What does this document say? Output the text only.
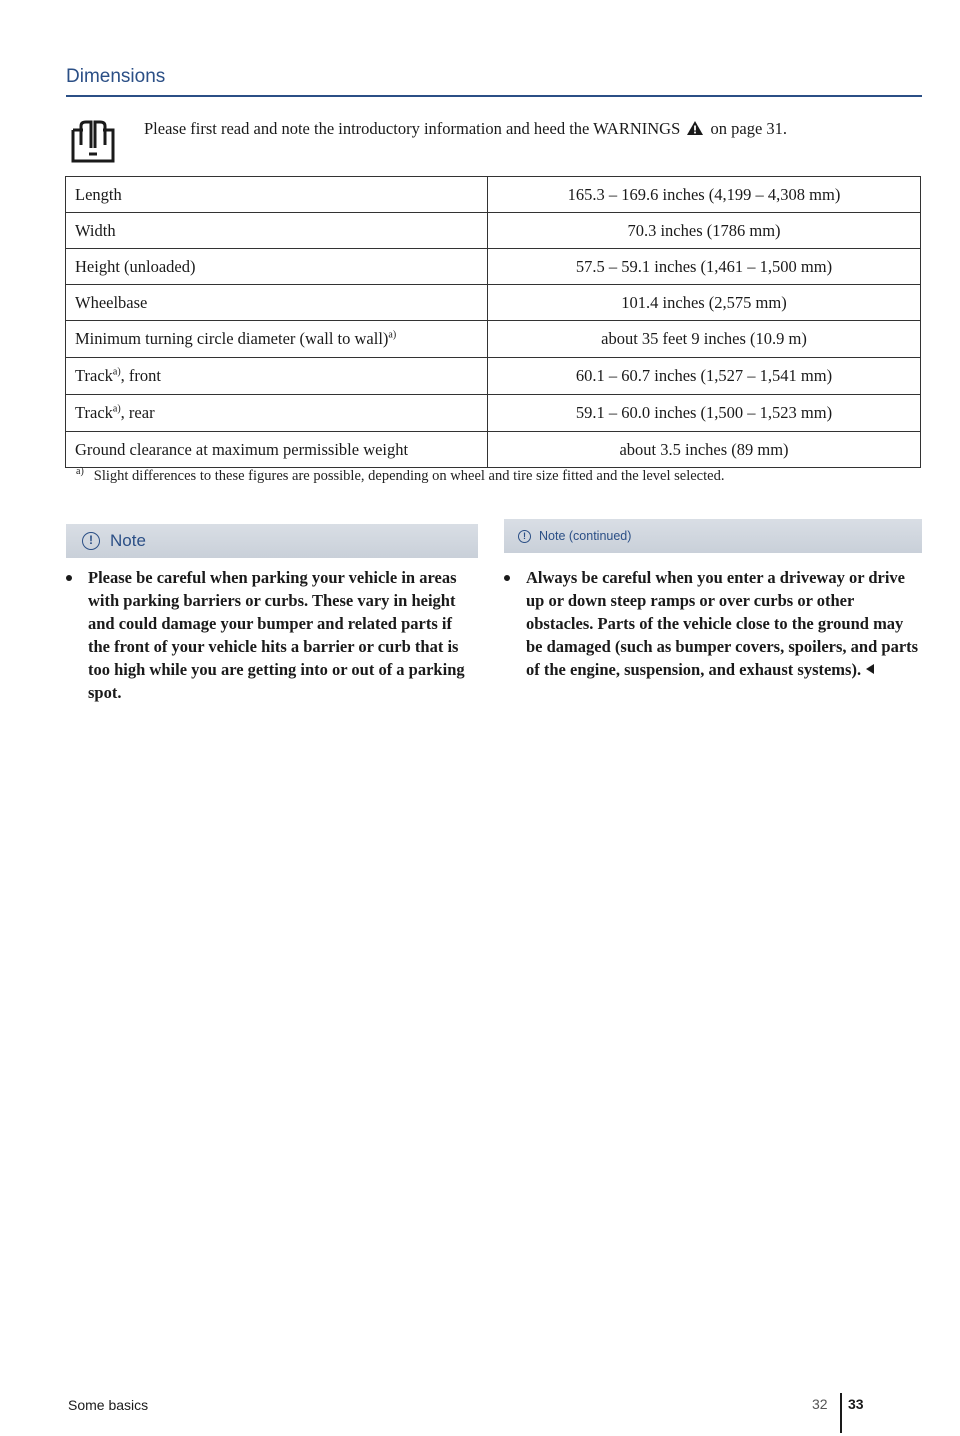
Dimensions
Please first read and note the introductory information and heed the WARNINGS on page 31.
Length	165.3 – 169.6 inches (4,199 – 4,308 mm)
Width	70.3 inches (1786 mm)
Height (unloaded)	57.5 – 59.1 inches (1,461 – 1,500 mm)
Wheelbase	101.4 inches (2,575 mm)
Minimum turning circle diameter (wall to wall)$^{a)}$	about 35 feet 9 inches (10.9 m)
Track$^{a)}$, front	60.1 – 60.7 inches (1,527 – 1,541 mm)
Track$^{a)}$, rear	59.1 – 60.0 inches (1,500 – 1,523 mm)
Ground clearance at maximum permissible weight	about 3.5 inches (89 mm)
$^{a)}$ Slight differences to these figures are possible, depending on wheel and tire size fitted and the level selected.
!	Note
Please be careful when parking your vehicle in areas with parking barriers or curbs. These vary in height and could damage your bumper and related parts if the front of your vehicle hits a barrier or curb that is too high while you are getting into or out of a parking spot.
!	Note (continued)
Always be careful when you enter a driveway or drive up or down steep ramps or over curbs or other obstacles. Parts of the vehicle close to the ground may be damaged (such as bumper covers, spoilers, and parts of the engine, suspension, and exhaust systems).
Some basics	32 33
